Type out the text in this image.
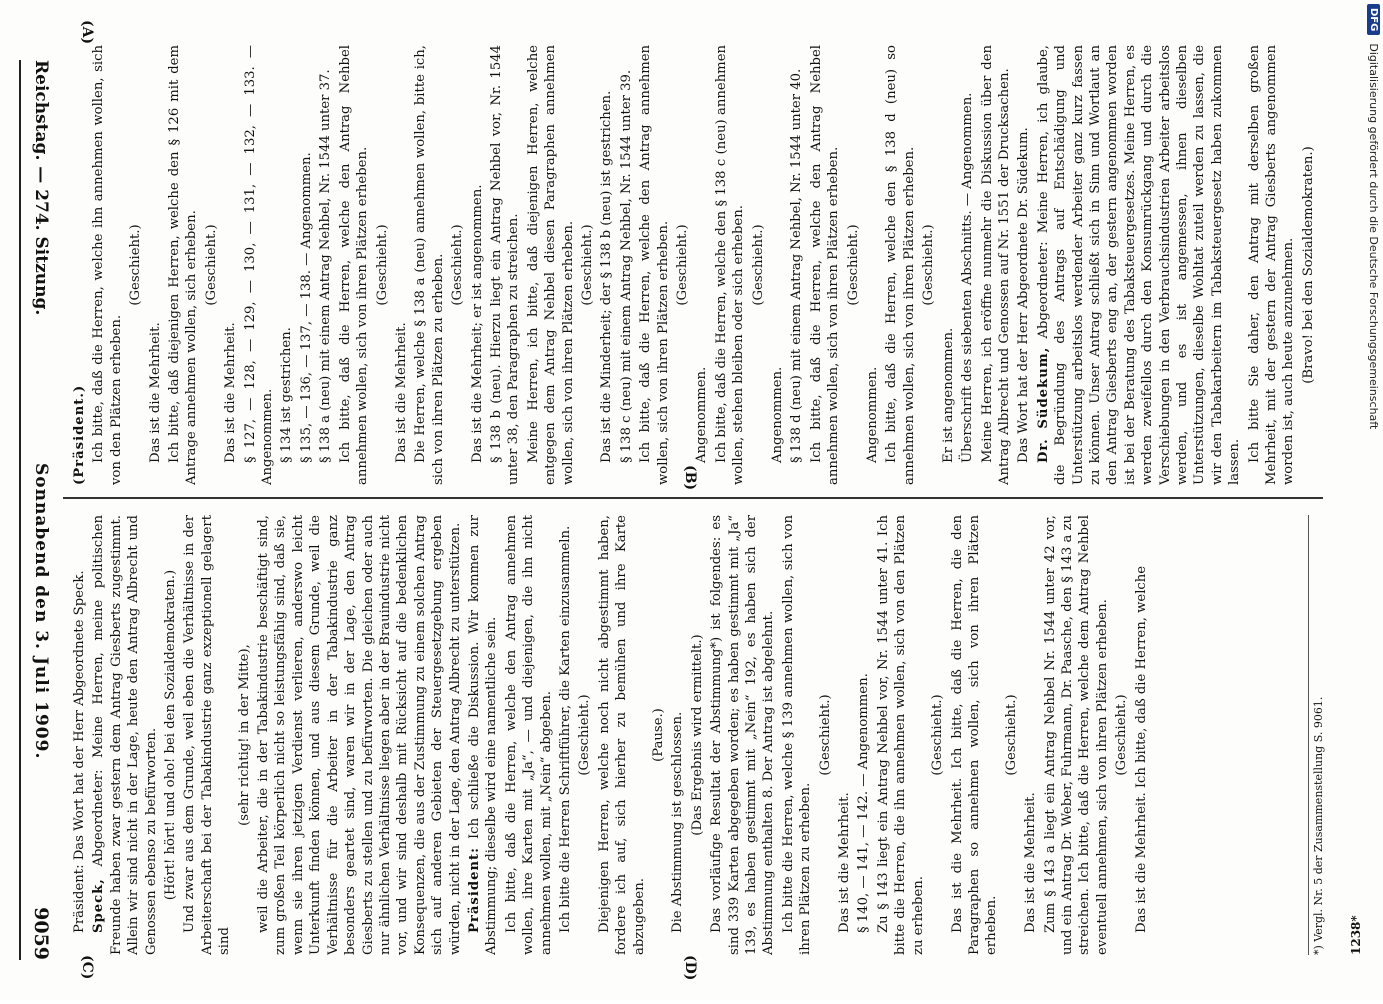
DFG
Digitalisierung gefördert durch die Deutsche Forschungsgemeinschaft
Reichstag. — 274. Sitzung.
Sonnabend den 3. Juli 1909.
9059
(A)
(B)
(C)	(D)

(Präsident.) Ich bitte, daß die Herren, welche ihn annehmen wollen, sich von den Plätzen erheben.

(Geschieht.)

Das ist die Mehrheit. Ich bitte, daß diejenigen Herren, welche den § 126 mit dem Antrage annehmen wollen, sich erheben. (Geschieht.)

Das ist die Mehrheit. § 127, — 128, — 129, — 130, — 131, — 132, — 133. — Angenommen. § 134 ist gestrichen. § 135, — 136, — 137, — 138. — Angenommen. § 138 a (neu) mit einem Antrag Nehbel, Nr. 1544 unter 37. Ich bitte, daß die Herren, welche den Antrag Nehbel annehmen wollen, sich von ihren Plätzen erheben. (Geschieht.)

Das ist die Mehrheit. Die Herren, welche § 138 a (neu) annehmen wollen, bitte ich, sich von ihren Plätzen zu erheben. (Geschieht.) Das ist die Mehrheit; er ist angenommen. § 138 b (neu). Hierzu liegt ein Antrag Nehbel vor, Nr. 1544 unter 38, den Paragraphen zu streichen. Meine Herren, ich bitte, daß diejenigen Herren, welche entgegen dem Antrag Nehbel diesen Paragraphen annehmen wollen, sich von ihren Plätzen erheben. (Geschieht.) Das ist die Minderheit; der § 138 b (neu) ist gestrichen. § 138 c (neu) mit einem Antrag Nehbel, Nr. 1544 unter 39. Ich bitte, daß die Herren, welche den Antrag annehmen wollen, sich von ihren Plätzen erheben. (Geschieht.)

Angenommen. Ich bitte, daß die Herren, welche den § 138 c (neu) annehmen wollen, stehen bleiben oder sich erheben. (Geschieht.)

Angenommen. § 138 d (neu) mit einem Antrag Nehbel, Nr. 1544 unter 40. Ich bitte, daß die Herren, welche den Antrag Nehbel annehmen wollen, sich von ihren Plätzen erheben. (Geschieht.)

Angenommen. Ich bitte, daß die Herren, welche den § 138 d (neu) so annehmen wollen, sich von ihren Plätzen erheben. (Geschieht.)

Er ist angenommen. Überschrift des siebenten Abschnitts. — Angenommen. Meine Herren, ich eröffne nunmehr die Diskussion über den Antrag Albrecht und Genossen auf Nr. 1551 der Drucksachen. Das Wort hat der Herr Abgeordnete Dr. Südekum. Dr. Südekum, Abgeordneter: Meine Herren, ich glaube, die Begründung des Antrags auf Entschädigung und Unterstützung arbeitslos werdender Arbeiter ganz kurz fassen zu können. Unser Antrag schließt sich in Sinn und Wortlaut an den Antrag Giesberts eng an, der gestern angenommen worden ist bei der Beratung des Tabaksteuergesetzes. Meine Herren, es werden zweifellos durch den Konsumrückgang und durch die Verschiebungen in den Verbrauchsindustrien Arbeiter arbeitslos werden, und es ist angemessen, ihnen dieselben Unterstützungen, dieselbe Wohltat zuteil werden zu lassen, die wir den Tabakarbeitern im Tabaksteuergesetz haben zukommen lassen. Ich bitte Sie daher, den Antrag mit derselben großen Mehrheit, mit der gestern der Antrag Giesberts angenommen worden ist, auch heute anzunehmen. (Bravo! bei den Sozialdemokraten.)

Präsident: Das Wort hat der Herr Abgeordnete Speck. Speck, Abgeordneter: Meine Herren, meine politischen Freunde haben zwar gestern dem Antrag Giesberts zugestimmt. Allein wir sind nicht in der Lage, heute den Antrag Albrecht und Genossen ebenso zu befürworten. (Hört! hört! und oho! bei den Sozialdemokraten.) Und zwar aus dem Grunde, weil eben die Verhältnisse in der Arbeiterschaft bei der Tabakindustrie ganz exzeptionell gelagert sind

(sehr richtig! in der Mitte), weil die Arbeiter, die in der Tabakindustrie beschäftigt sind, zum großen Teil körperlich nicht so leistungsfähig sind, daß sie, wenn sie ihren jetzigen Verdienst verlieren, anderswo leicht Unterkunft finden können, und aus diesem Grunde, weil die Verhältnisse für die Arbeiter in der Tabakindustrie ganz besonders geartet sind, waren wir in der Lage, den Antrag Giesberts zu stellen und zu befürworten. Die gleichen oder auch nur ähnlichen Verhältnisse liegen aber in der Brauindustrie nicht vor, und wir sind deshalb mit Rücksicht auf die bedenklichen Konsequenzen, die aus der Zustimmung zu einem solchen Antrag sich auf anderen Gebieten der Steuergesetzgebung ergeben würden, nicht in der Lage, den Antrag Albrecht zu unterstützen. Präsident: Ich schließe die Diskussion. Wir kommen zur Abstimmung; dieselbe wird eine namentliche sein. Ich bitte, daß die Herren, welche den Antrag annehmen wollen, ihre Karten mit „Ja“, — und diejenigen, die ihn nicht annehmen wollen, mit „Nein“ abgeben. Ich bitte die Herren Schriftführer, die Karten einzusammeln. (Geschieht.) Diejenigen Herren, welche noch nicht abgestimmt haben, fordere ich auf, sich hierher zu bemühen und ihre Karte abzugeben.

(Pause.) Die Abstimmung ist geschlossen. (Das Ergebnis wird ermittelt.) Das vorläufige Resultat der Abstimmung*) ist folgendes: es sind 339 Karten abgegeben worden; es haben gestimmt mit „Ja“ 139, es haben gestimmt mit „Nein“ 192, es haben sich der Abstimmung enthalten 8. Der Antrag ist abgelehnt. Ich bitte die Herren, welche § 139 annehmen wollen, sich von ihren Plätzen zu erheben.

(Geschieht.)

Das ist die Mehrheit. § 140, — 141, — 142. — Angenommen. Zu § 143 liegt ein Antrag Nehbel vor, Nr. 1544 unter 41. Ich bitte die Herren, die ihn annehmen wollen, sich von den Plätzen zu erheben.

(Geschieht.) Das ist die Mehrheit. Ich bitte, daß die Herren, die den Paragraphen so annehmen wollen, sich von ihren Plätzen erheben.

(Geschieht.)

Das ist die Mehrheit. Zum § 143 a liegt ein Antrag Nehbel Nr. 1544 unter 42 vor, und ein Antrag Dr. Weber, Fuhrmann, Dr. Paasche, den § 143 a zu streichen. Ich bitte, daß die Herren, welche dem Antrag Nehbel eventuell annehmen, sich von ihren Plätzen erheben. (Geschieht.) Das ist die Mehrheit. Ich bitte, daß die Herren, welche	*) Vergl. Nr. 5 der Zusammenstellung S. 9061. 1238*
